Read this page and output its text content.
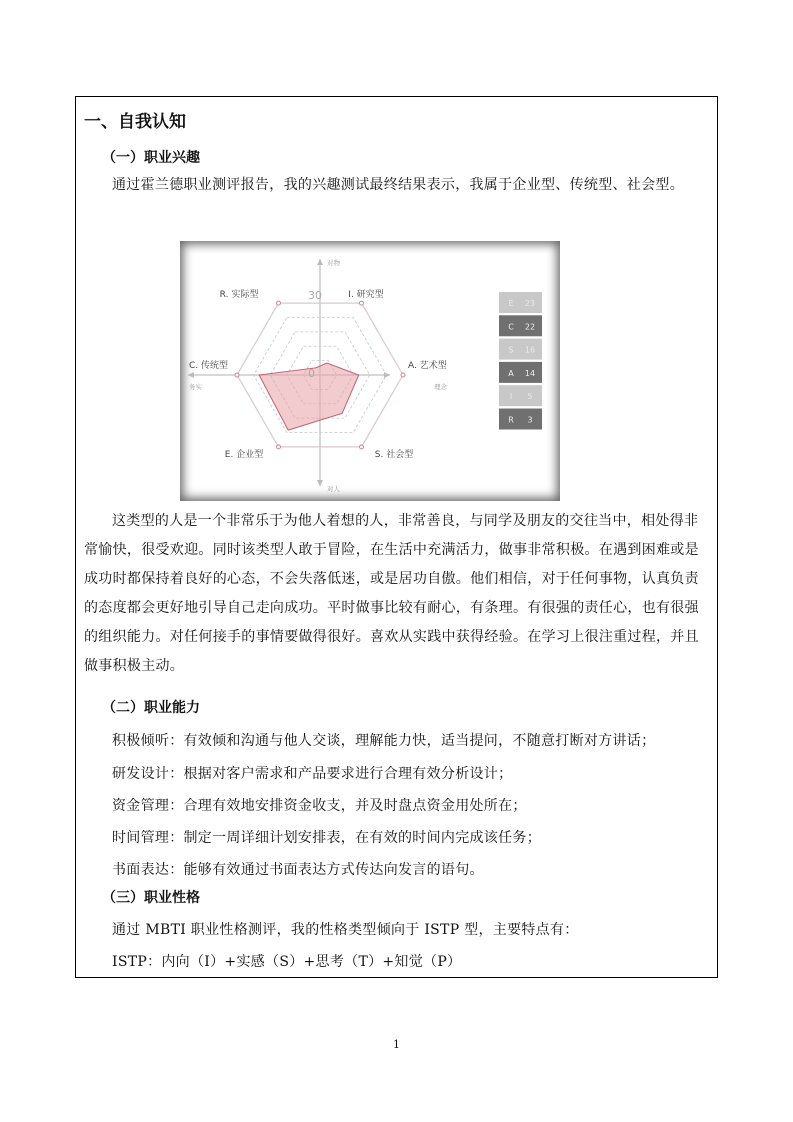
一、自我认知
（一）职业兴趣
通过霍兰德职业测评报告，我的兴趣测试最终结果表示，我属于企业型、传统型、社会型。
R. 实际型	I. 研究型
A. 艺术型
S. 社会型
E. 企业型
C. 传统型
0
30
对物
对人
务实	理念
E 23
C 22
S 16
A 14
I 5
R 3
这类型的人是一个非常乐于为他人着想的人，非常善良，与同学及朋友的交往当中，相处得非常愉快，很受欢迎。同时该类型人敢于冒险，在生活中充满活力，做事非常积极。在遇到困难或是成功时都保持着良好的心态，不会失落低迷，或是居功自傲。他们相信，对于任何事物，认真负责的态度都会更好地引导自己走向成功。平时做事比较有耐心，有条理。有很强的责任心，也有很强的组织能力。对任何接手的事情要做得很好。喜欢从实践中获得经验。在学习上很注重过程，并且做事积极主动。
（二）职业能力
积极倾听：有效倾和沟通与他人交谈，理解能力快，适当提问，不随意打断对方讲话；
研发设计：根据对客户需求和产品要求进行合理有效分析设计；
资金管理：合理有效地安排资金收支，并及时盘点资金用处所在；
时间管理：制定一周详细计划安排表，在有效的时间内完成该任务；
书面表达：能够有效通过书面表达方式传达向发言的语句。
（三）职业性格
通过 MBTI 职业性格测评，我的性格类型倾向于 ISTP 型，主要特点有：
ISTP：内向（I）+实感（S）+思考（T）+知觉（P）
1
